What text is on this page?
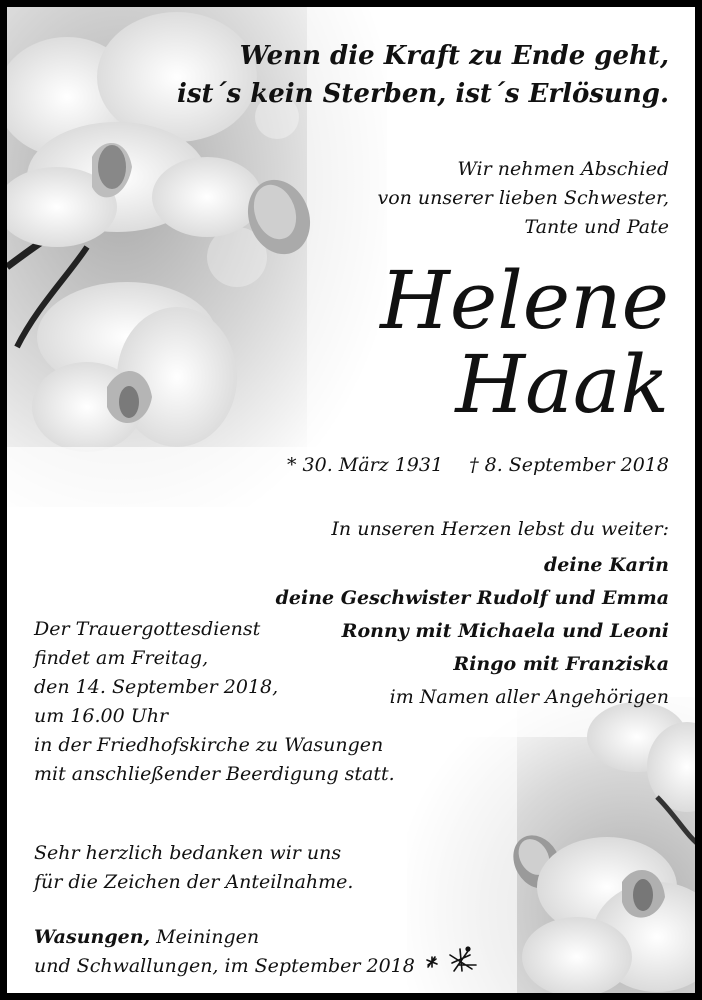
Wenn die Kraft zu Ende geht,
ist´s kein Sterben, ist´s Erlösung.
Wir nehmen Abschied
von unserer lieben Schwester,
Tante und Pate
Helene
Haak
* 30. März 1931 † 8. September 2018
In unseren Herzen lebst du weiter:
deine Karin
deine Geschwister Rudolf und Emma
Ronny mit Michaela und Leoni
Ringo mit Franziska
im Namen aller Angehörigen
Der Trauergottesdienst
findet am Freitag,
den 14. September 2018,
um 16.00 Uhr
in der Friedhofskirche zu Wasungen
mit anschließender Beerdigung statt.
Sehr herzlich bedanken wir uns
für die Zeichen der Anteilnahme.
Wasungen, Meiningen
und Schwallungen, im September 2018
